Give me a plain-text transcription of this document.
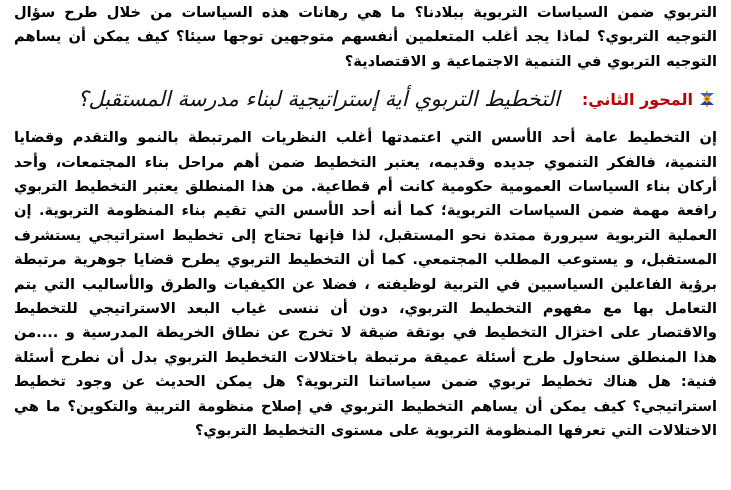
التربوي ضمن السياسات التربوية ببلادنا؟ ما هي رهانات هذه السياسات من خلال طرح سؤال التوجيه التربوي؟ لماذا يجد أغلب المتعلمين أنفسهم متوجهين توجها سيئا؟ كيف يمكن أن يساهم التوجيه التربوي في التنمية الاجتماعية و الاقتصادية؟

المحور الثاني:
التخطيط التربوي أية إستراتيجية لبناء مدرسة المستقبل؟

إن التخطيط عامة أحد الأسس التي اعتمدتها أغلب النظريات المرتبطة بالنمو والتقدم وقضايا التنمية، فالفكر التنموي جديده وقديمه، يعتبر التخطيط ضمن أهم مراحل بناء المجتمعات، وأحد أركان بناء السياسات العمومية حكومية كانت أم قطاعية. من هذا المنطلق يعتبر التخطيط التربوي رافعة مهمة ضمن السياسات التربوية؛ كما أنه أحد الأسس التي تقيم بناء المنظومة التربوية. إن العملية التربوية سيرورة ممتدة نحو المستقبل، لذا فإنها تحتاج إلى تخطيط استراتيجي يستشرف المستقبل، و يستوعب المطلب المجتمعي. كما أن التخطيط التربوي يطرح قضايا جوهرية مرتبطة برؤية الفاعلين السياسيين في التربية لوظيفته ، فضلا عن الكيفيات والطرق والأساليب التي يتم التعامل بها مع مفهوم التخطيط التربوي، دون أن ننسى غياب البعد الاستراتيجي للتخطيط والاقتصار على اختزال التخطيط في بوتقة ضيقة لا تخرج عن نطاق الخريطة المدرسية و ....من هذا المنطلق سنحاول طرح أسئلة عميقة مرتبطة باختلالات التخطيط التربوي بدل أن نطرح أسئلة فنية: هل هناك تخطيط تربوي ضمن سياساتنا التربوية؟ هل يمكن الحديث عن وجود تخطيط استراتيجي؟ كيف يمكن أن يساهم التخطيط التربوي في إصلاح منظومة التربية والتكوين؟ ما هي الاختلالات التي تعرفها المنظومة التربوية على مستوى التخطيط التربوي؟
